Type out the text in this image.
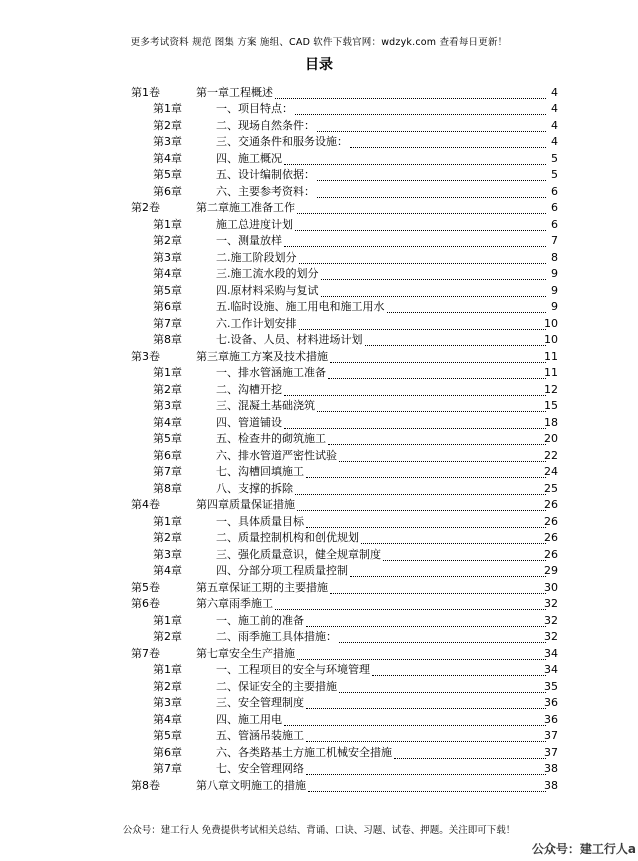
更多考试资料 规范 图集 方案 施组、CAD 软件下载官网：wdzyk.com 查看每日更新！
目录
第1卷	第一章工程概述	4
第1章	一、项目特点：	4
第2章	二、现场自然条件：	4
第3章	三、交通条件和服务设施：	4
第4章	四、施工概况	5
第5章	五、设计编制依据：	5
第6章	六、主要参考资料：	6
第2卷	第二章施工准备工作	6
第1章	施工总进度计划	6
第2章	一、测量放样	7
第3章	二.施工阶段划分	8
第4章	三.施工流水段的划分	9
第5章	四.原材料采购与复试	9
第6章	五.临时设施、施工用电和施工用水	9
第7章	六.工作计划安排	10
第8章	七.设备、人员、材料进场计划	10
第3卷	第三章施工方案及技术措施	11
第1章	一、排水管涵施工准备	11
第2章	二、沟槽开挖	12
第3章	三、混凝土基础浇筑	15
第4章	四、管道铺设	18
第5章	五、检查井的砌筑施工	20
第6章	六、排水管道严密性试验	22
第7章	七、沟槽回填施工	24
第8章	八、支撑的拆除	25
第4卷	第四章质量保证措施	26
第1章	一、具体质量目标	26
第2章	二、质量控制机构和创优规划	26
第3章	三、强化质量意识，健全规章制度	26
第4章	四、分部分项工程质量控制	29
第5卷	第五章保证工期的主要措施	30
第6卷	第六章雨季施工	32
第1章	一、施工前的准备	32
第2章	二、雨季施工具体措施：	32
第7卷	第七章安全生产措施	34
第1章	一、工程项目的安全与环境管理	34
第2章	二、保证安全的主要措施	35
第3章	三、安全管理制度	36
第4章	四、施工用电	36
第5章	五、管涵吊装施工	37
第6章	六、各类路基土方施工机械安全措施	37
第7章	七、安全管理网络	38
第8卷	第八章文明施工的措施	38
公众号：建工行人 免费提供考试相关总结、背诵、口诀、习题、试卷、押题。关注即可下载！
公众号：建工行人a
